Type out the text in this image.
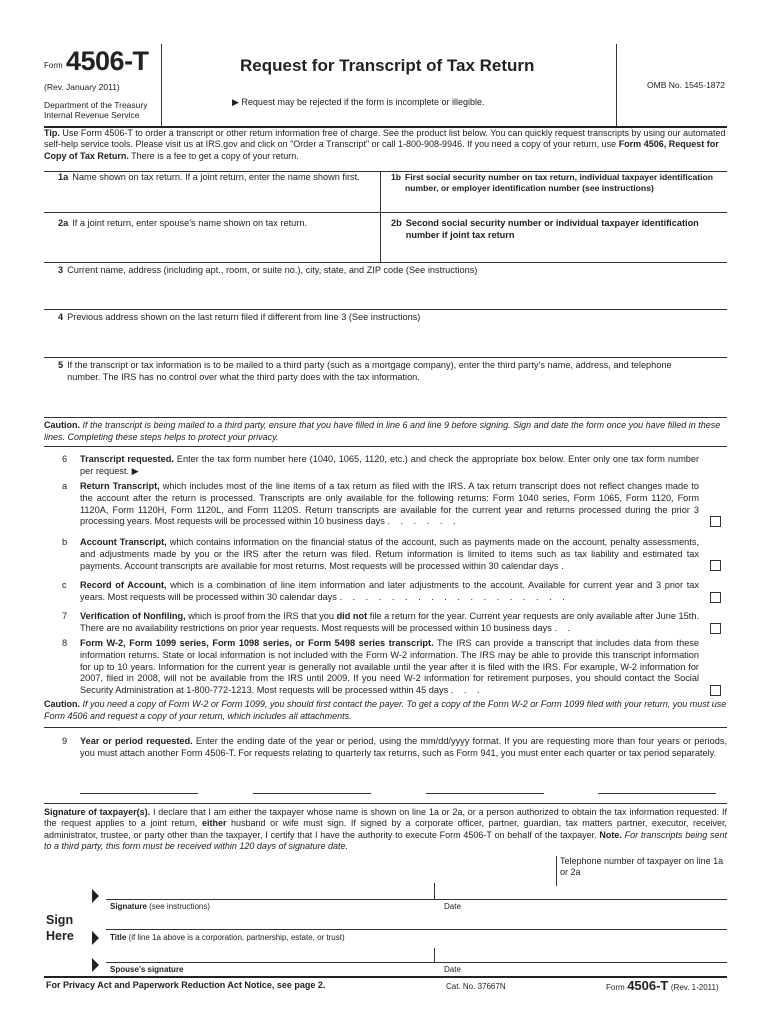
Form 4506-T
(Rev. January 2011)
Department of the Treasury
Internal Revenue Service
Request for Transcript of Tax Return
▶ Request may be rejected if the form is incomplete or illegible.
OMB No. 1545-1872
Tip. Use Form 4506-T to order a transcript or other return information free of charge. See the product list below. You can quickly request transcripts by using our automated self-help service tools. Please visit us at IRS.gov and click on "Order a Transcript" or call 1-800-908-9946. If you need a copy of your return, use Form 4506, Request for Copy of Tax Return. There is a fee to get a copy of your return.
1a Name shown on tax return. If a joint return, enter the name shown first.	1b First social security number on tax return, individual taxpayer identification number, or employer identification number (see instructions)
2a If a joint return, enter spouse’s name shown on tax return.	2b Second social security number or individual taxpayer identification number if joint tax return
3 Current name, address (including apt., room, or suite no.), city, state, and ZIP code (See instructions)
4 Previous address shown on the last return filed if different from line 3 (See instructions)
5 If the transcript or tax information is to be mailed to a third party (such as a mortgage company), enter the third party’s name, address, and telephone number. The IRS has no control over what the third party does with the tax information.
Caution. If the transcript is being mailed to a third party, ensure that you have filled in line 6 and line 9 before signing. Sign and date the form once you have filled in these lines. Completing these steps helps to protect your privacy.
6	Transcript requested. Enter the tax form number here (1040, 1065, 1120, etc.) and check the appropriate box below. Enter only one tax form number per request. ▶
a	Return Transcript, which includes most of the line items of a tax return as filed with the IRS. A tax return transcript does not reflect changes made to the account after the return is processed. Transcripts are only available for the following returns: Form 1040 series, Form 1065, Form 1120, Form 1120A, Form 1120H, Form 1120L, and Form 1120S. Return transcripts are available for the current year and returns processed during the prior 3 processing years. Most requests will be processed within 10 business days . . . . . .
b	Account Transcript, which contains information on the financial status of the account, such as payments made on the account, penalty assessments, and adjustments made by you or the IRS after the return was filed. Return information is limited to items such as tax liability and estimated tax payments. Account transcripts are available for most returns. Most requests will be processed within 30 calendar days .
c	Record of Account, which is a combination of line item information and later adjustments to the account. Available for current year and 3 prior tax years. Most requests will be processed within 30 calendar days . . . . . . . . . . . . . . . . . .
7	Verification of Nonfiling, which is proof from the IRS that you did not file a return for the year. Current year requests are only available after June 15th. There are no availability restrictions on prior year requests. Most requests will be processed within 10 business days . .
8	Form W-2, Form 1099 series, Form 1098 series, or Form 5498 series transcript. The IRS can provide a transcript that includes data from these information returns. State or local information is not included with the Form W-2 information. The IRS may be able to provide this transcript information for up to 10 years. Information for the current year is generally not available until the year after it is filed with the IRS. For example, W-2 information for 2007, filed in 2008, will not be available from the IRS until 2009. If you need W-2 information for retirement purposes, you should contact the Social Security Administration at 1-800-772-1213. Most requests will be processed within 45 days . . .
Caution. If you need a copy of Form W-2 or Form 1099, you should first contact the payer. To get a copy of the Form W-2 or Form 1099 filed with your return, you must use Form 4506 and request a copy of your return, which includes all attachments.
9	Year or period requested. Enter the ending date of the year or period, using the mm/dd/yyyy format. If you are requesting more than four years or periods, you must attach another Form 4506-T. For requests relating to quarterly tax returns, such as Form 941, you must enter each quarter or tax period separately.
Signature of taxpayer(s). I declare that I am either the taxpayer whose name is shown on line 1a or 2a, or a person authorized to obtain the tax information requested. If the request applies to a joint return, either husband or wife must sign. If signed by a corporate officer, partner, guardian, tax matters partner, executor, receiver, administrator, trustee, or party other than the taxpayer, I certify that I have the authority to execute Form 4506-T on behalf of the taxpayer. Note. For transcripts being sent to a third party, this form must be received within 120 days of signature date.
Telephone number of taxpayer on line 1a or 2a
Sign
Here
Signature (see instructions)	Date
Title (if line 1a above is a corporation, partnership, estate, or trust)
Spouse’s signature	Date
For Privacy Act and Paperwork Reduction Act Notice, see page 2.	Cat. No. 37667N	Form 4506-T (Rev. 1-2011)
